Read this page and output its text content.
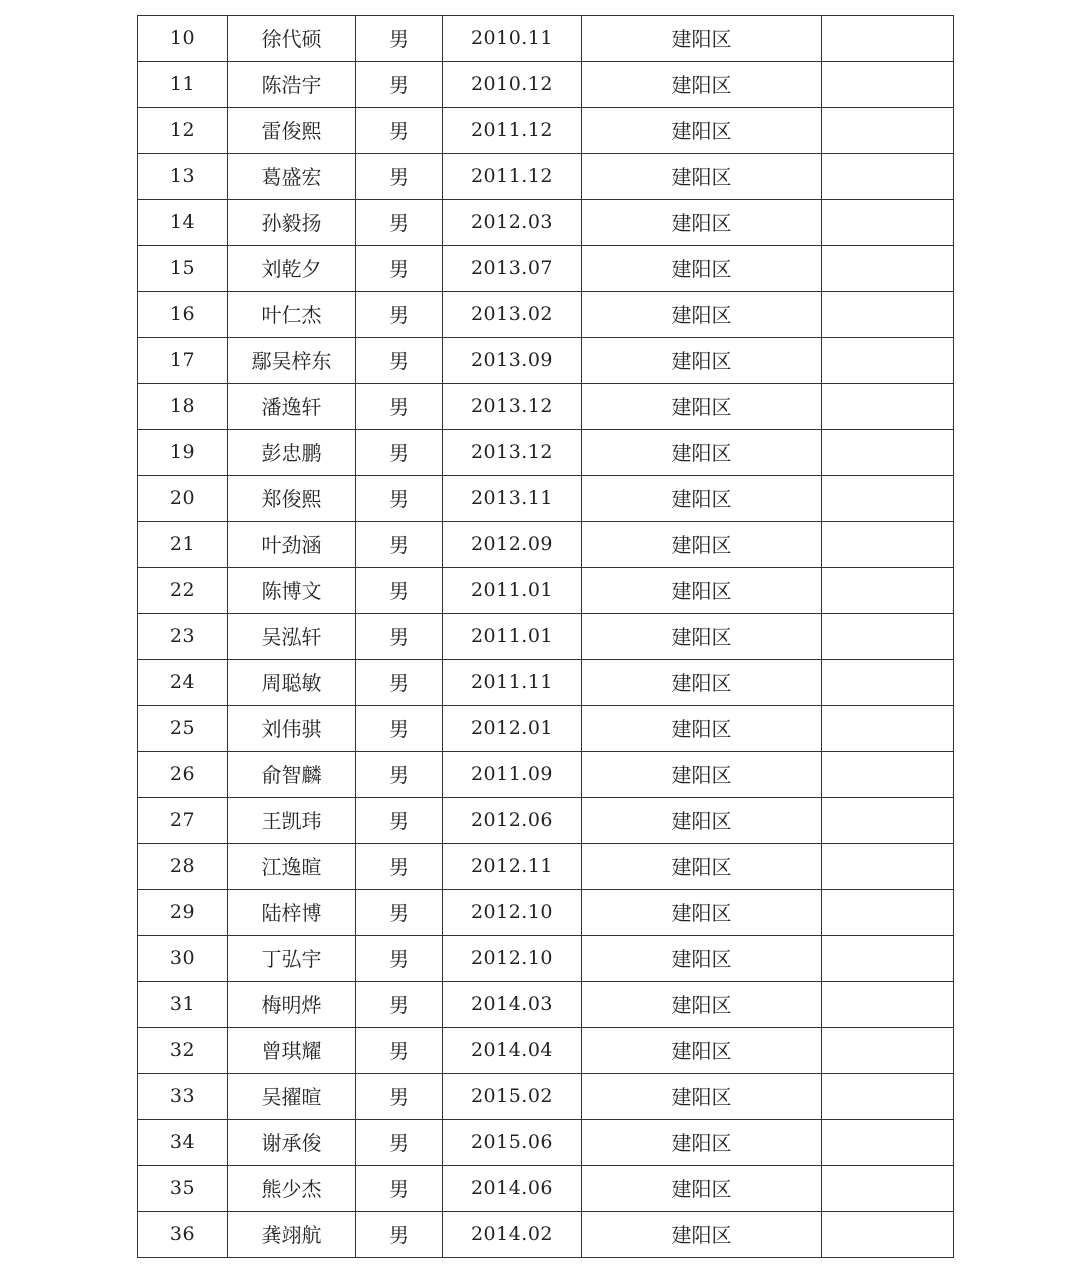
10	徐代硕	男	2010.11	建阳区	
11	陈浩宇	男	2010.12	建阳区	
12	雷俊熙	男	2011.12	建阳区	
13	葛盛宏	男	2011.12	建阳区	
14	孙毅扬	男	2012.03	建阳区	
15	刘乾夕	男	2013.07	建阳区	
16	叶仁杰	男	2013.02	建阳区	
17	鄢吴梓东	男	2013.09	建阳区	
18	潘逸轩	男	2013.12	建阳区	
19	彭忠鹏	男	2013.12	建阳区	
20	郑俊熙	男	2013.11	建阳区	
21	叶劲涵	男	2012.09	建阳区	
22	陈博文	男	2011.01	建阳区	
23	吴泓轩	男	2011.01	建阳区	
24	周聪敏	男	2011.11	建阳区	
25	刘伟骐	男	2012.01	建阳区	
26	俞智麟	男	2011.09	建阳区	
27	王凯玮	男	2012.06	建阳区	
28	江逸暄	男	2012.11	建阳区	
29	陆梓博	男	2012.10	建阳区	
30	丁弘宇	男	2012.10	建阳区	
31	梅明烨	男	2014.03	建阳区	
32	曾琪耀	男	2014.04	建阳区	
33	吴擢暄	男	2015.02	建阳区	
34	谢承俊	男	2015.06	建阳区	
35	熊少杰	男	2014.06	建阳区	
36	龚翊航	男	2014.02	建阳区	
